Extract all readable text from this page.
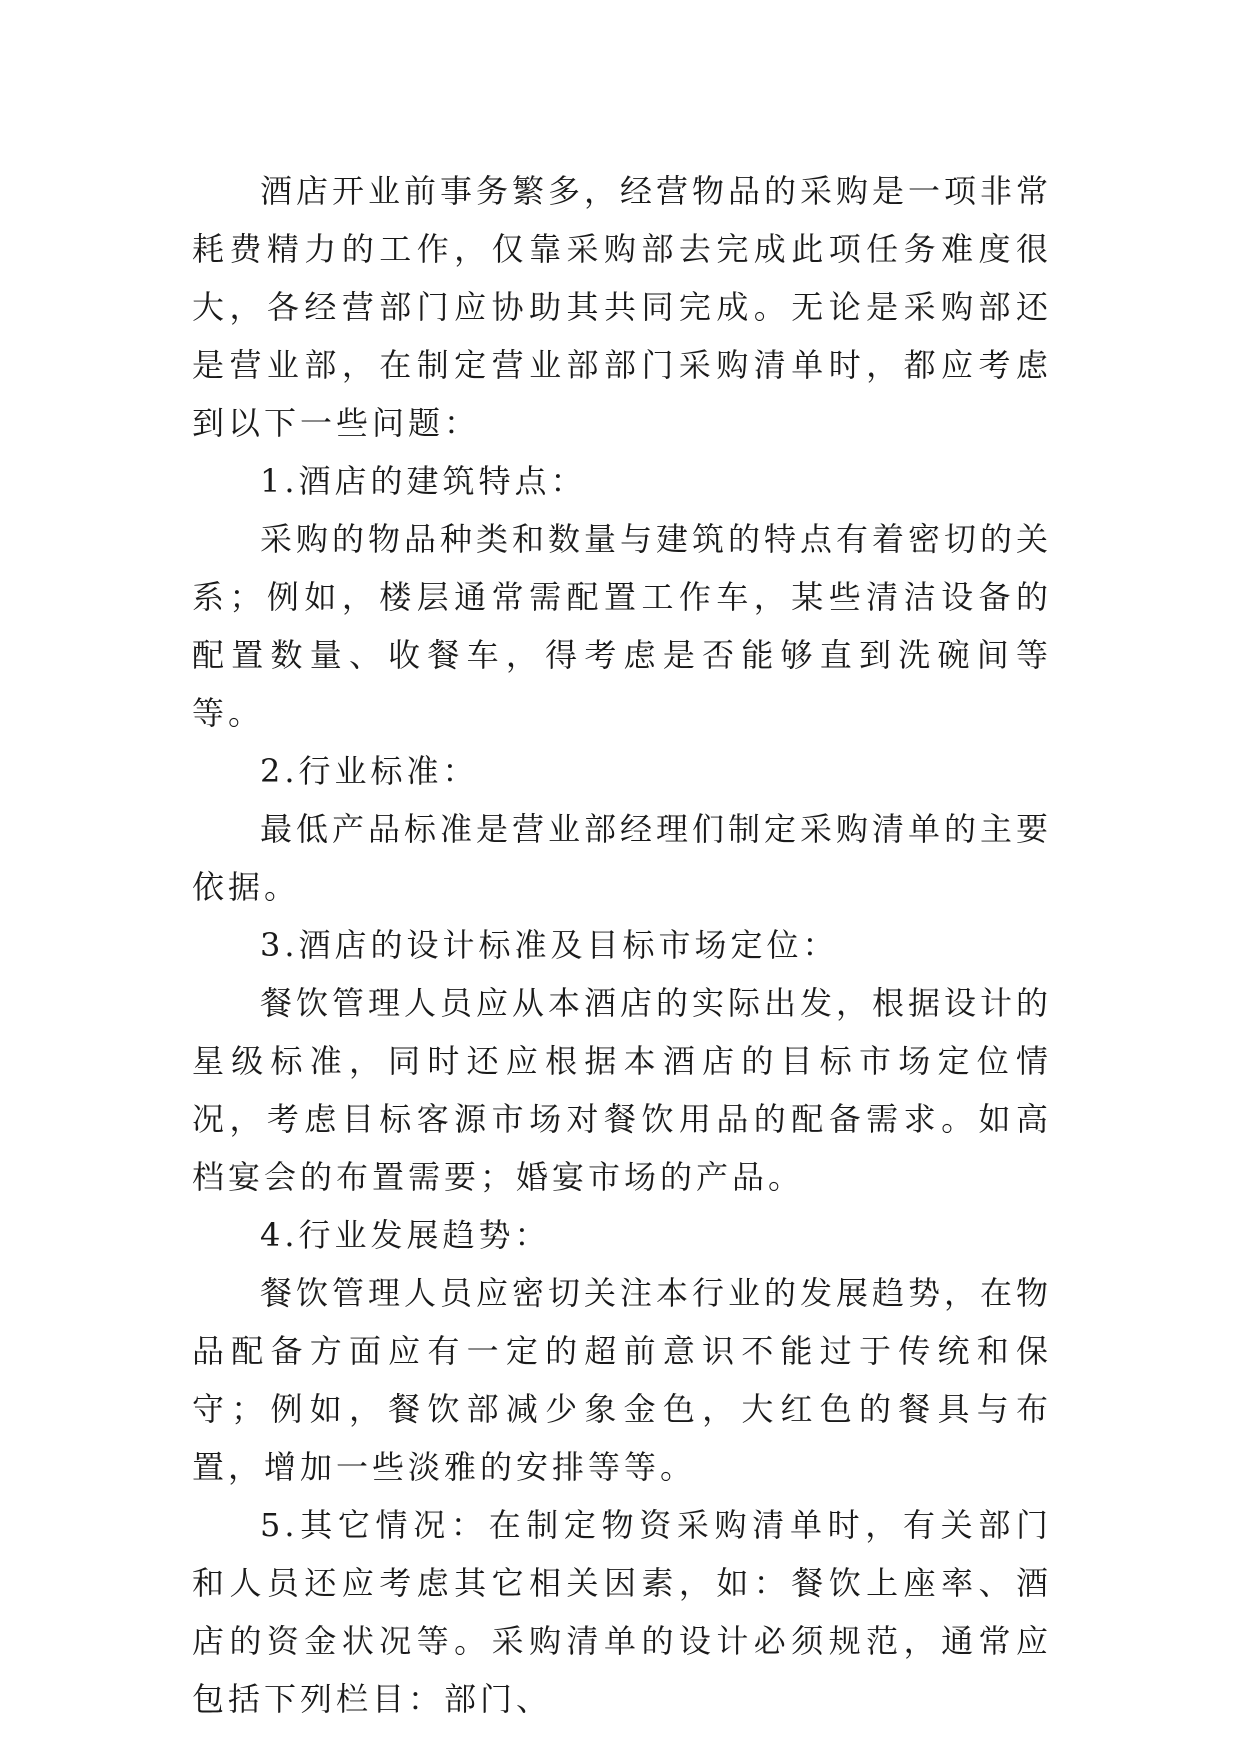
酒店开业前事务繁多，经营物品的采购是一项非常耗费精力的工作，仅靠采购部去完成此项任务难度很大，各经营部门应协助其共同完成。无论是采购部还是营业部，在制定营业部部门采购清单时，都应考虑到以下一些问题：

1.酒店的建筑特点：

采购的物品种类和数量与建筑的特点有着密切的关系；例如，楼层通常需配置工作车，某些清洁设备的配置数量、收餐车，得考虑是否能够直到洗碗间等等。

2.行业标准：

最低产品标准是营业部经理们制定采购清单的主要依据。

3.酒店的设计标准及目标市场定位：

餐饮管理人员应从本酒店的实际出发，根据设计的星级标准，同时还应根据本酒店的目标市场定位情况，考虑目标客源市场对餐饮用品的配备需求。如高档宴会的布置需要；婚宴市场的产品。

4.行业发展趋势：

餐饮管理人员应密切关注本行业的发展趋势，在物品配备方面应有一定的超前意识不能过于传统和保守；例如，餐饮部减少象金色，大红色的餐具与布置，增加一些淡雅的安排等等。

5.其它情况：在制定物资采购清单时，有关部门和人员还应考虑其它相关因素，如：餐饮上座率、酒店的资金状况等。采购清单的设计必须规范，通常应包括下列栏目：部门、
